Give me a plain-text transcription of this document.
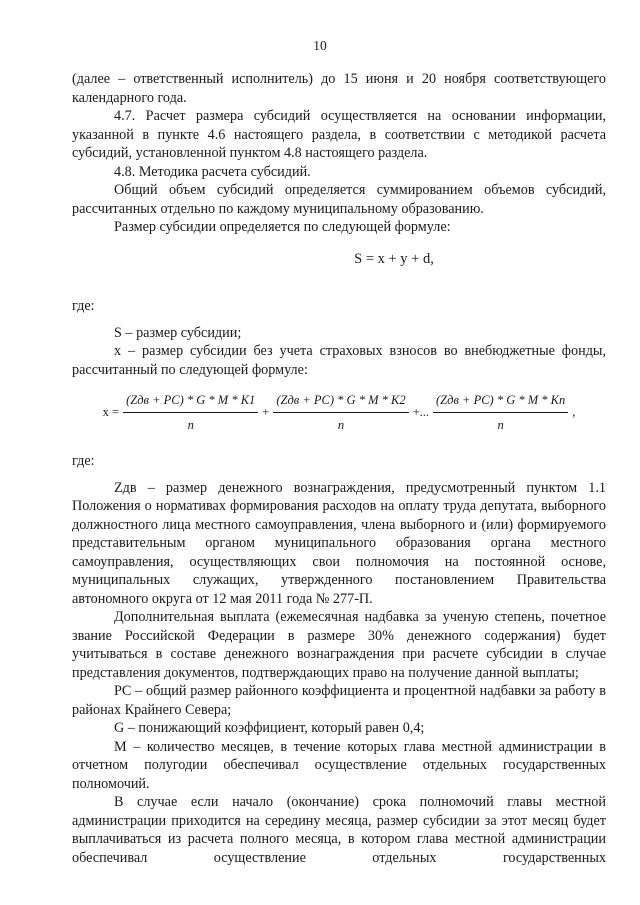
10

(далее – ответственный исполнитель) до 15 июня и 20 ноября соответствующего календарного года.

4.7. Расчет размера субсидий осуществляется на основании информации, указанной в пункте 4.6 настоящего раздела, в соответствии с методикой расчета субсидий, установленной пунктом 4.8 настоящего раздела.

4.8. Методика расчета субсидий.

Общий объем субсидий определяется суммированием объемов субсидий, рассчитанных отдельно по каждому муниципальному образованию.

Размер субсидии определяется по следующей формуле:

S = x + y + d,

где:

S – размер субсидии;

x – размер субсидии без учета страховых взносов во внебюджетные фонды, рассчитанный по следующей формуле:

$x = \frac{\text{(Zдв + PC) * G * M * K1}}{n} + \frac{\text{(Zдв + PC) * G * M * K2}}{n}$ +... $\frac{\text{(Zдв + PC) * G * M * Kn}}{n}$ ,

где:

Zдв – размер денежного вознаграждения, предусмотренный пунктом 1.1 Положения о нормативах формирования расходов на оплату труда депутата, выборного должностного лица местного самоуправления, члена выборного и (или) формируемого представительным органом муниципального образования органа местного самоуправления, осуществляющих свои полномочия на постоянной основе, муниципальных служащих, утвержденного постановлением Правительства автономного округа от 12 мая 2011 года № 277-П.

Дополнительная выплата (ежемесячная надбавка за ученую степень, почетное звание Российской Федерации в размере 30% денежного содержания) будет учитываться в составе денежного вознаграждения при расчете субсидии в случае представления документов, подтверждающих право на получение данной выплаты;

PC – общий размер районного коэффициента и процентной надбавки за работу в районах Крайнего Севера;

G – понижающий коэффициент, который равен 0,4;

M – количество месяцев, в течение которых глава местной администрации в отчетном полугодии обеспечивал осуществление отдельных государственных полномочий.

В случае если начало (окончание) срока полномочий главы местной администрации приходится на середину месяца, размер субсидии за этот месяц будет выплачиваться из расчета полного месяца, в котором глава местной администрации обеспечивал осуществление отдельных государственных
